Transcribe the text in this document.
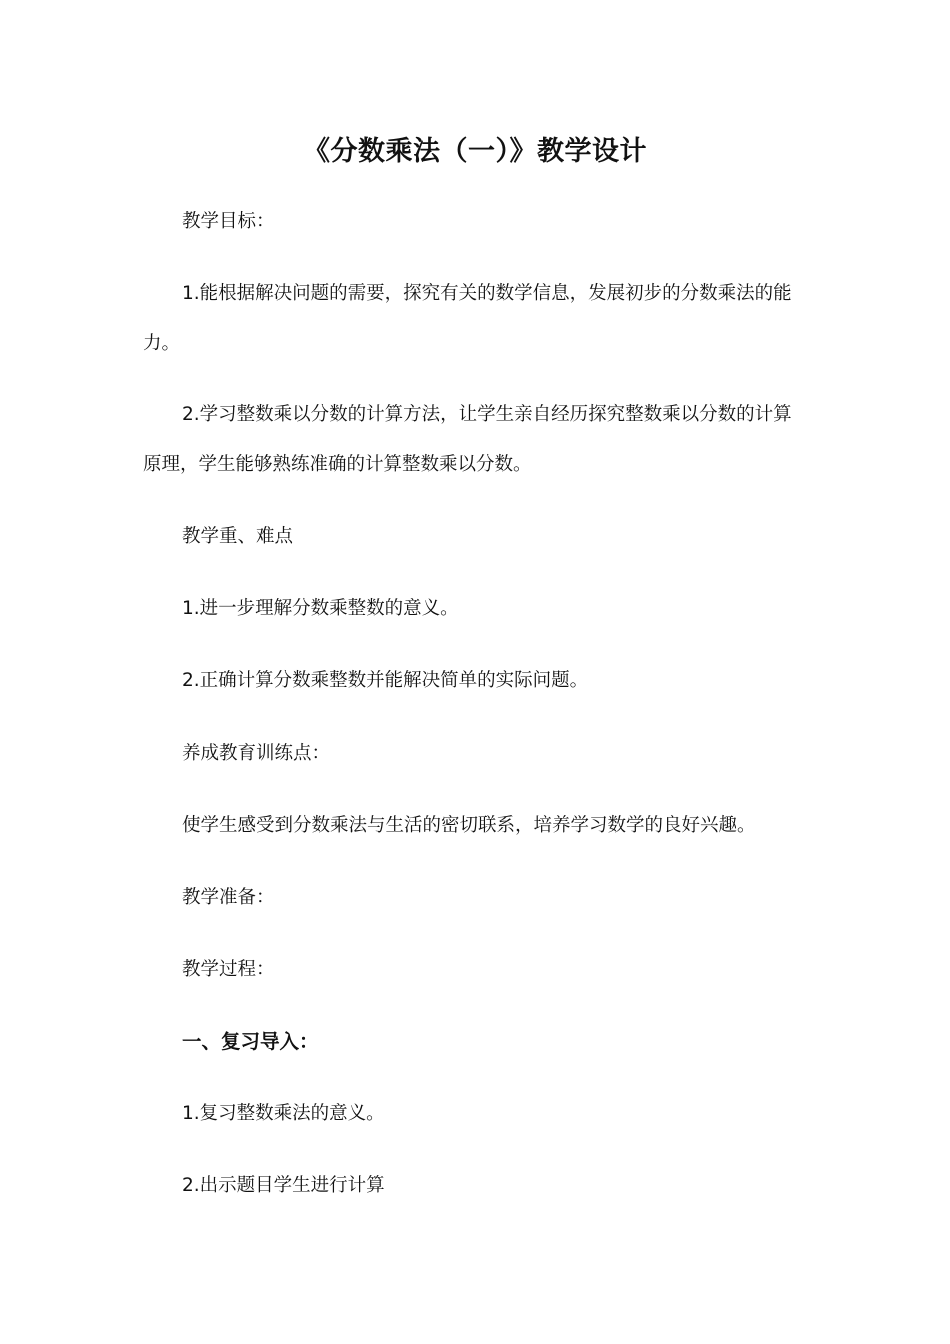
《分数乘法（一）》教学设计

教学目标：

1.能根据解决问题的需要，探究有关的数学信息，发展初步的分数乘法的能力。

2.学习整数乘以分数的计算方法，让学生亲自经历探究整数乘以分数的计算原理，学生能够熟练准确的计算整数乘以分数。

教学重、难点

1.进一步理解分数乘整数的意义。

2.正确计算分数乘整数并能解决简单的实际问题。

养成教育训练点：

使学生感受到分数乘法与生活的密切联系，培养学习数学的良好兴趣。

教学准备：

教学过程：

一、复习导入：

1.复习整数乘法的意义。

2.出示题目学生进行计算
